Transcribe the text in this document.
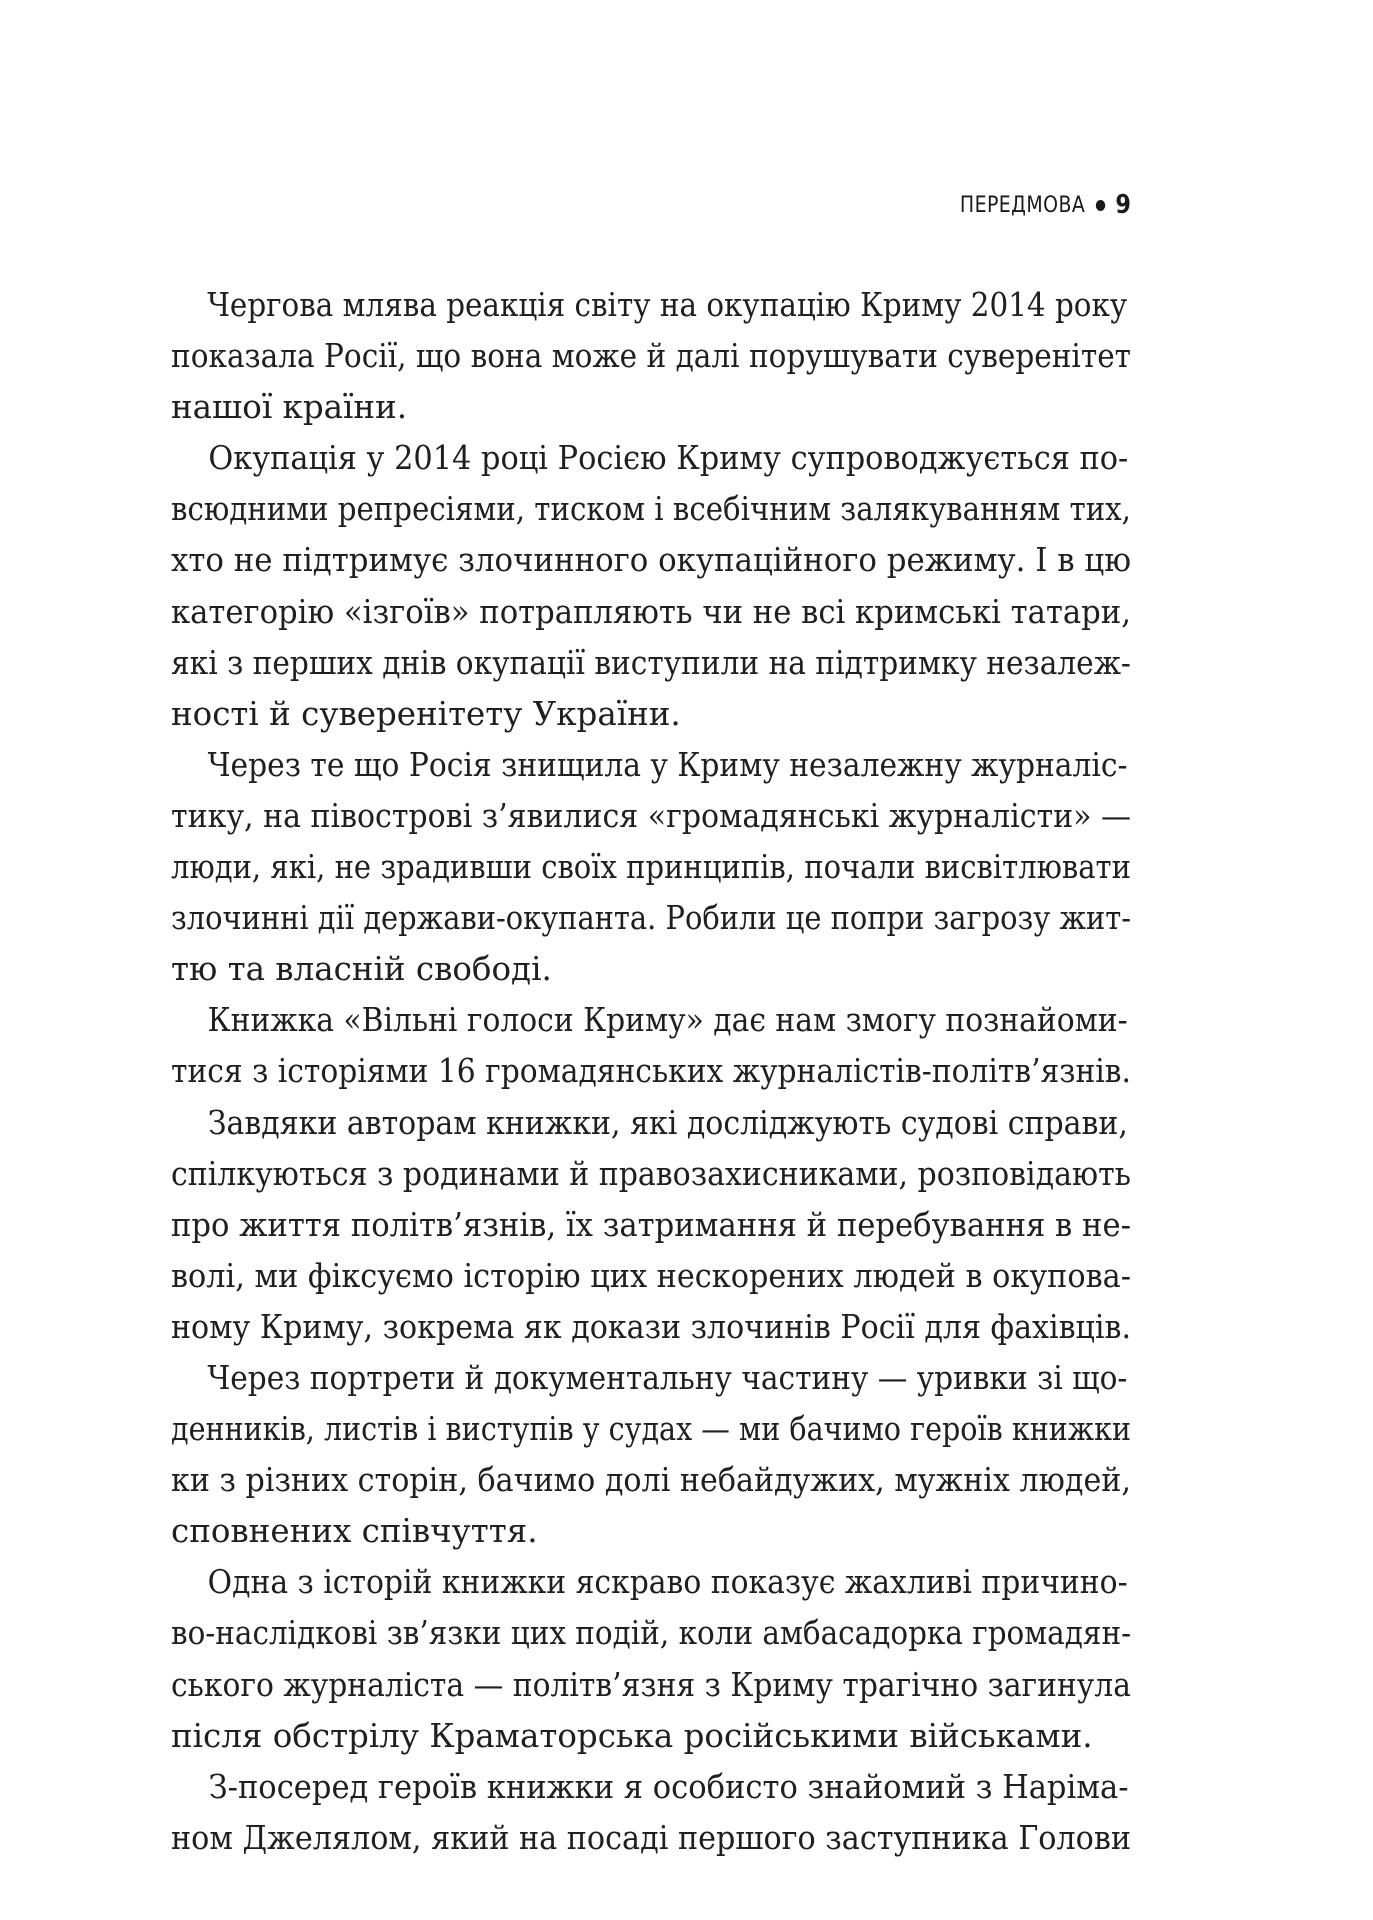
ПЕРЕДМОВА 9
Чергова млява реакція світу на окупацію Криму 2014 року
показала Росії, що вона може й далі порушувати суверенітет
нашої країни.
Окупація у 2014 році Росією Криму супроводжується по-
всюдними репресіями, тиском і всебічним залякуванням тих,
хто не підтримує злочинного окупаційного режиму. І в цю
категорію «ізгоїв» потрапляють чи не всі кримські татари,
які з перших днів окупації виступили на підтримку незалеж-
ності й суверенітету України.
Через те що Росія знищила у Криму незалежну журналіс-
тику, на півострові з’явилися «громадянські журналісти» —
люди, які, не зрадивши своїх принципів, почали висвітлювати
злочинні дії держави-окупанта. Робили це попри загрозу жит-
тю та власній свободі.
Книжка «Вільні голоси Криму» дає нам змогу познайоми-
тися з історіями 16 громадянських журналістів-політв’язнів.
Завдяки авторам книжки, які досліджують судові справи,
спілкуються з родинами й правозахисниками, розповідають
про життя політв’язнів, їх затримання й перебування в не-
волі, ми фіксуємо історію цих нескорених людей в окупова-
ному Криму, зокрема як докази злочинів Росії для фахівців.
Через портрети й документальну частину — уривки зі що-
денників, листів і виступів у судах — ми бачимо героїв книжки
ки з різних сторін, бачимо долі небайдужих, мужніх людей,
сповнених співчуття.
Одна з історій книжки яскраво показує жахливі причино-
во-наслідкові зв’язки цих подій, коли амбасадорка громадян-
ського журналіста — політв’язня з Криму трагічно загинула
після обстрілу Краматорська російськими військами.
З-посеред героїв книжки я особисто знайомий з Наріма-
ном Джелялом, який на посаді першого заступника Голови
